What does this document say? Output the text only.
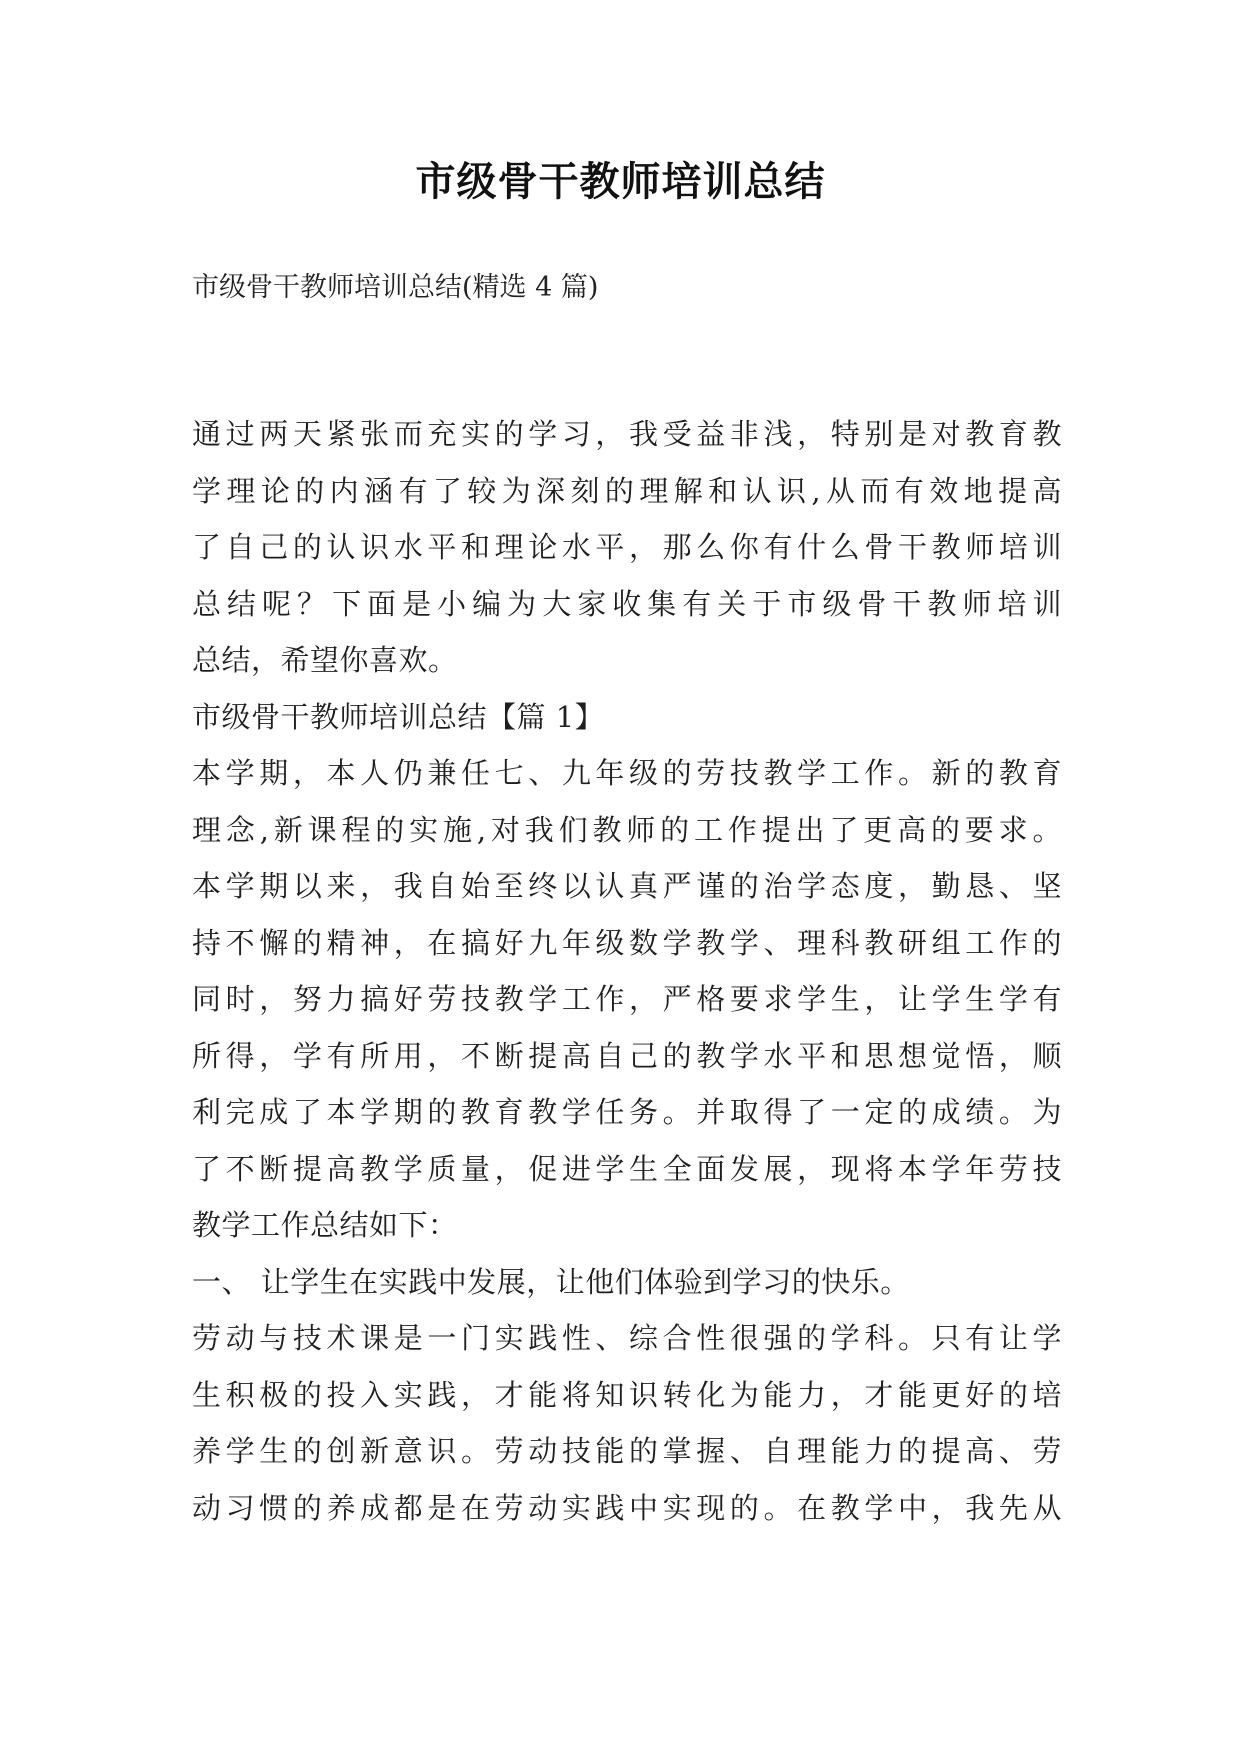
市级骨干教师培训总结

市级骨干教师培训总结(精选 4 篇)

通过两天紧张而充实的学习，我受益非浅，特别是对教育教
学理论的内涵有了较为深刻的理解和认识,从而有效地提高
了自己的认识水平和理论水平，那么你有什么骨干教师培训
总结呢？下面是小编为大家收集有关于市级骨干教师培训
总结，希望你喜欢。
市级骨干教师培训总结【篇 1】
本学期，本人仍兼任七、九年级的劳技教学工作。新的教育
理念,新课程的实施,对我们教师的工作提出了更高的要求。
本学期以来，我自始至终以认真严谨的治学态度，勤恳、坚
持不懈的精神，在搞好九年级数学教学、理科教研组工作的
同时，努力搞好劳技教学工作，严格要求学生，让学生学有
所得，学有所用，不断提高自己的教学水平和思想觉悟，顺
利完成了本学期的教育教学任务。并取得了一定的成绩。为
了不断提高教学质量，促进学生全面发展，现将本学年劳技
教学工作总结如下：
一、 让学生在实践中发展，让他们体验到学习的快乐。
劳动与技术课是一门实践性、综合性很强的学科。只有让学
生积极的投入实践，才能将知识转化为能力，才能更好的培
养学生的创新意识。劳动技能的掌握、自理能力的提高、劳
动习惯的养成都是在劳动实践中实现的。在教学中，我先从
